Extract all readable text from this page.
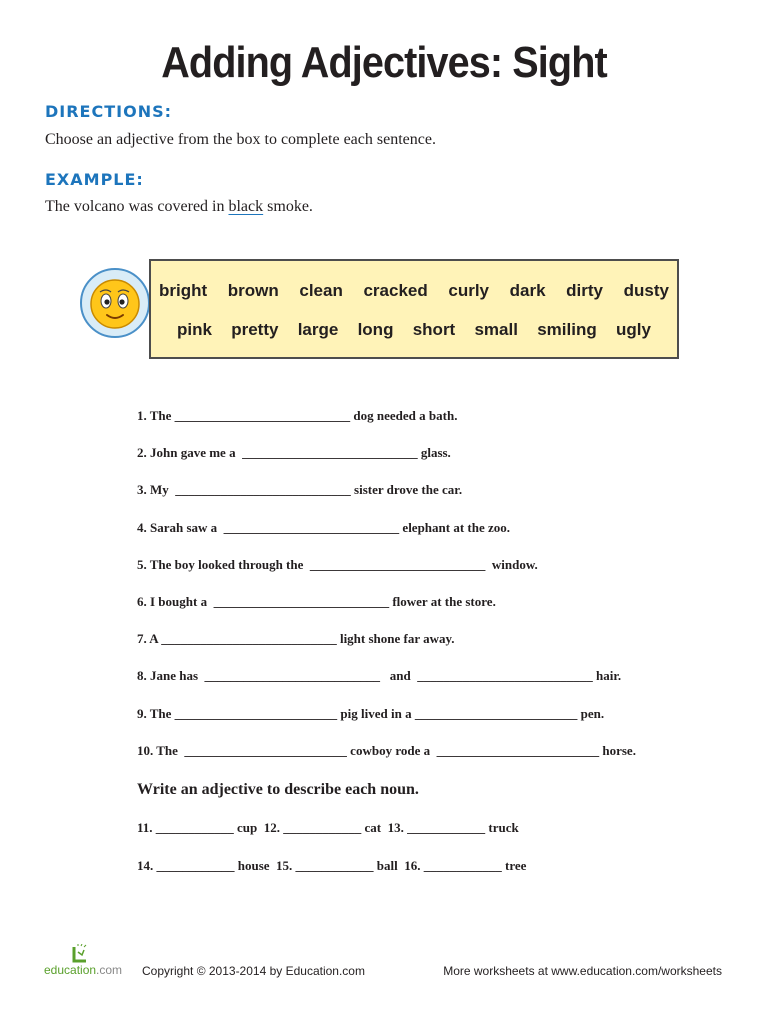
Adding Adjectives: Sight
DIRECTIONS:
Choose an adjective from the box to complete each sentence.
EXAMPLE:
The volcano was covered in black smoke.
bright brown clean cracked curly dark dirty dusty
pink pretty large long short small smiling ugly
1. The ___________________________ dog needed a bath.
2. John gave me a  ___________________________ glass.
3. My  ___________________________ sister drove the car.
4. Sarah saw a  ___________________________ elephant at the zoo.
5. The boy looked through the  ___________________________  window.
6. I bought a  ___________________________ flower at the store.
7. A ___________________________ light shone far away.
8. Jane has  ___________________________   and  ___________________________ hair.
9. The _________________________ pig lived in a _________________________ pen.
10. The  _________________________ cowboy rode a  _________________________ horse.
Write an adjective to describe each noun.
11. ____________ cup  12. ____________ cat  13. ____________ truck
14. ____________ house  15. ____________ ball  16. ____________ tree
education.com Copyright © 2013-2014 by Education.com	More worksheets at www.education.com/worksheets
